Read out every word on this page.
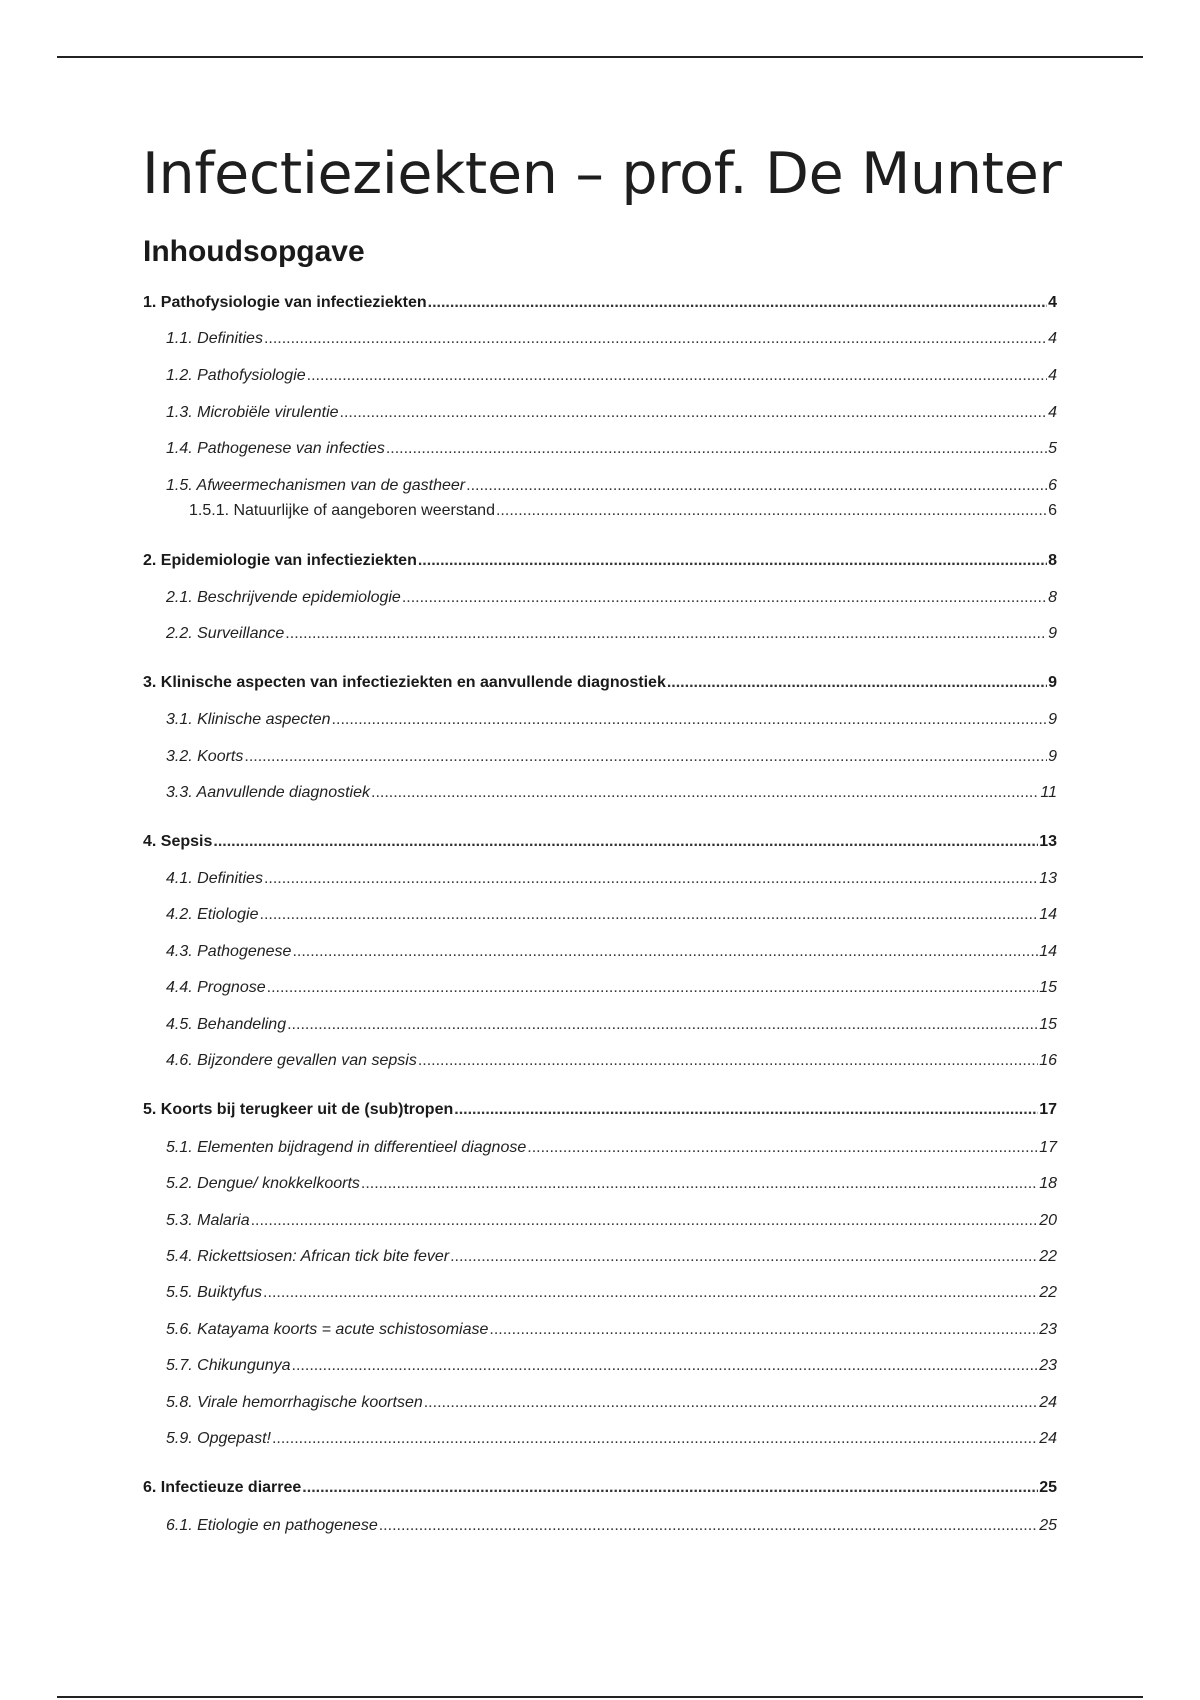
Infectieziekten – prof. De Munter
Inhoudsopgave
1. Pathofysiologie van infectieziekten .....	4
1.1. Definities .....	4
1.2. Pathofysiologie .....	4
1.3. Microbiële virulentie .....	4
1.4. Pathogenese van infecties .....	5
1.5. Afweermechanismen van de gastheer .....	6
1.5.1. Natuurlijke of aangeboren weerstand .....	6
2. Epidemiologie van infectieziekten .....	8
2.1. Beschrijvende epidemiologie .....	8
2.2. Surveillance .....	9
3. Klinische aspecten van infectieziekten en aanvullende diagnostiek .....	9
3.1. Klinische aspecten .....	9
3.2. Koorts .....	9
3.3. Aanvullende diagnostiek .....	11
4. Sepsis .....	13
4.1. Definities .....	13
4.2. Etiologie .....	14
4.3. Pathogenese .....	14
4.4. Prognose .....	15
4.5. Behandeling .....	15
4.6. Bijzondere gevallen van sepsis .....	16
5. Koorts bij terugkeer uit de (sub)tropen .....	17
5.1. Elementen bijdragend in differentieel diagnose .....	17
5.2. Dengue/ knokkelkoorts .....	18
5.3. Malaria .....	20
5.4. Rickettsiosen: African tick bite fever .....	22
5.5. Buiktyfus .....	22
5.6. Katayama koorts = acute schistosomiase .....	23
5.7. Chikungunya .....	23
5.8. Virale hemorrhagische koortsen .....	24
5.9. Opgepast! .....	24
6. Infectieuze diarree .....	25
6.1. Etiologie en pathogenese .....	25
